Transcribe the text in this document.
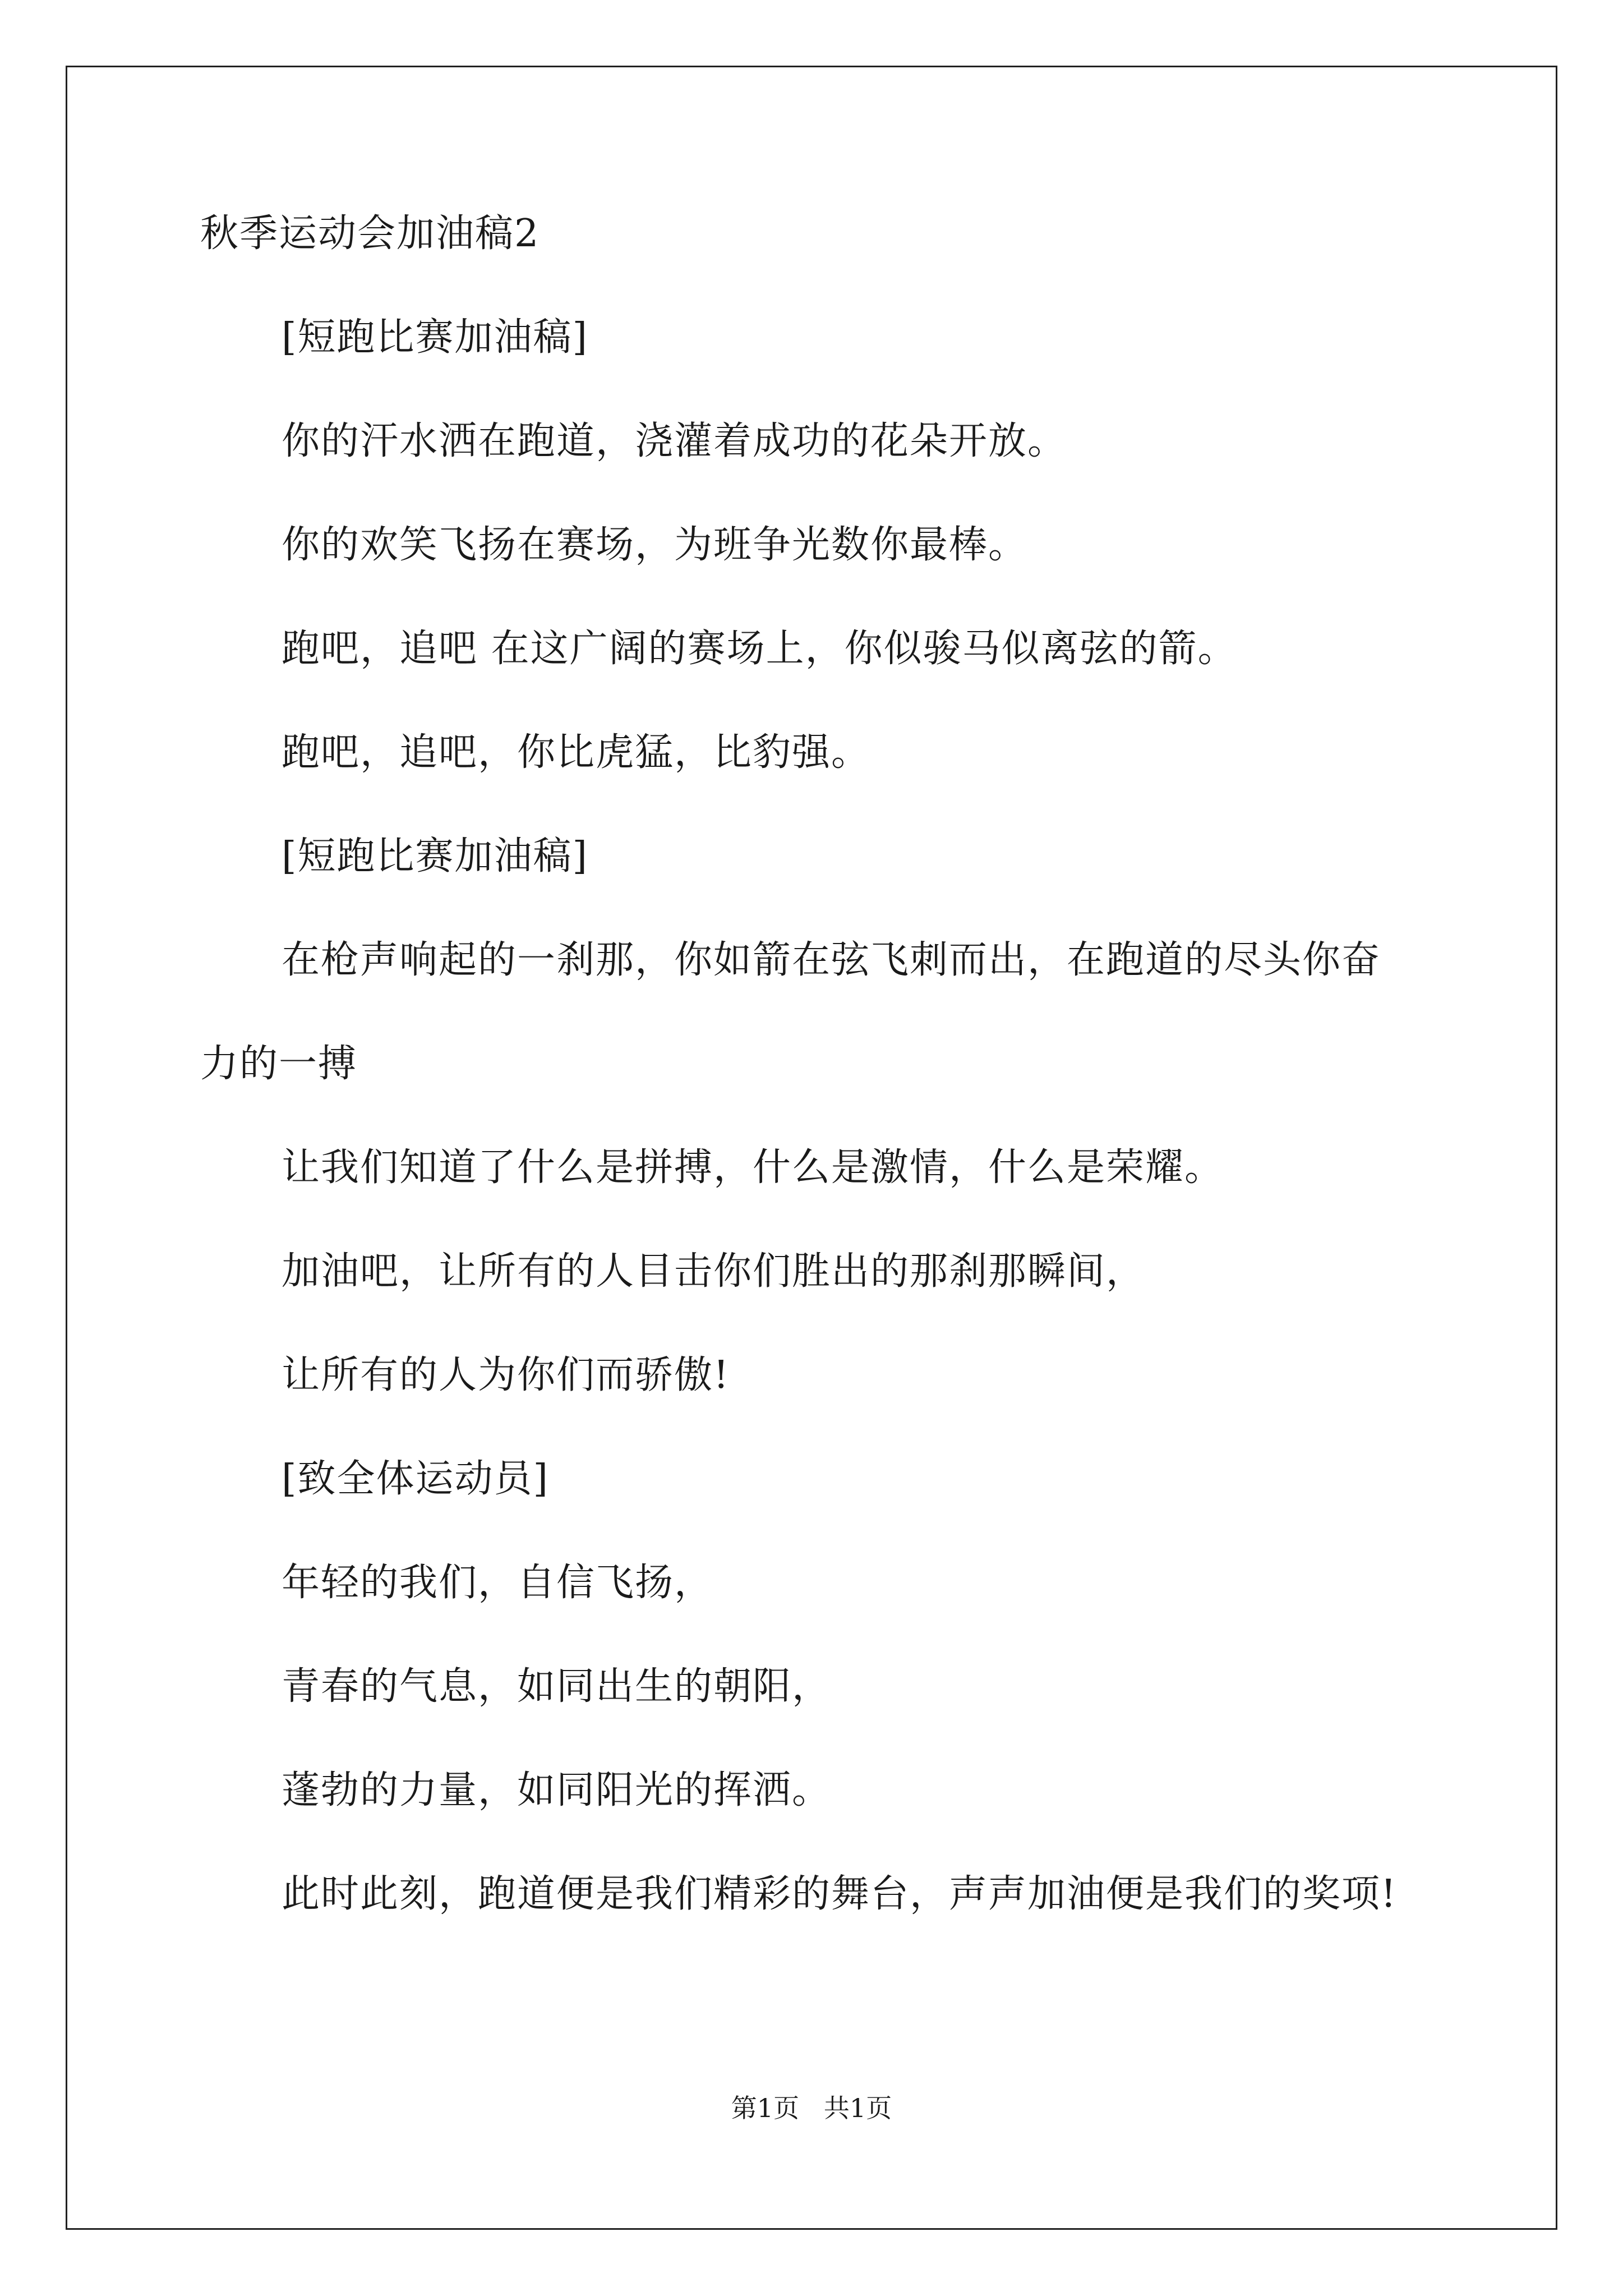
秋季运动会加油稿2
[短跑比赛加油稿]
你的汗水洒在跑道，浇灌着成功的花朵开放。
你的欢笑飞扬在赛场，为班争光数你最棒。
跑吧，追吧 在这广阔的赛场上，你似骏马似离弦的箭。
跑吧，追吧，你比虎猛，比豹强。
[短跑比赛加油稿]
在枪声响起的一刹那，你如箭在弦飞刺而出，在跑道的尽头你奋
力的一搏
让我们知道了什么是拼搏，什么是激情，什么是荣耀。
加油吧，让所有的人目击你们胜出的那刹那瞬间，
让所有的人为你们而骄傲!
[致全体运动员]
年轻的我们，自信飞扬，
青春的气息，如同出生的朝阳，
蓬勃的力量，如同阳光的挥洒。
此时此刻，跑道便是我们精彩的舞台，声声加油便是我们的奖项!
第1页   共1页
